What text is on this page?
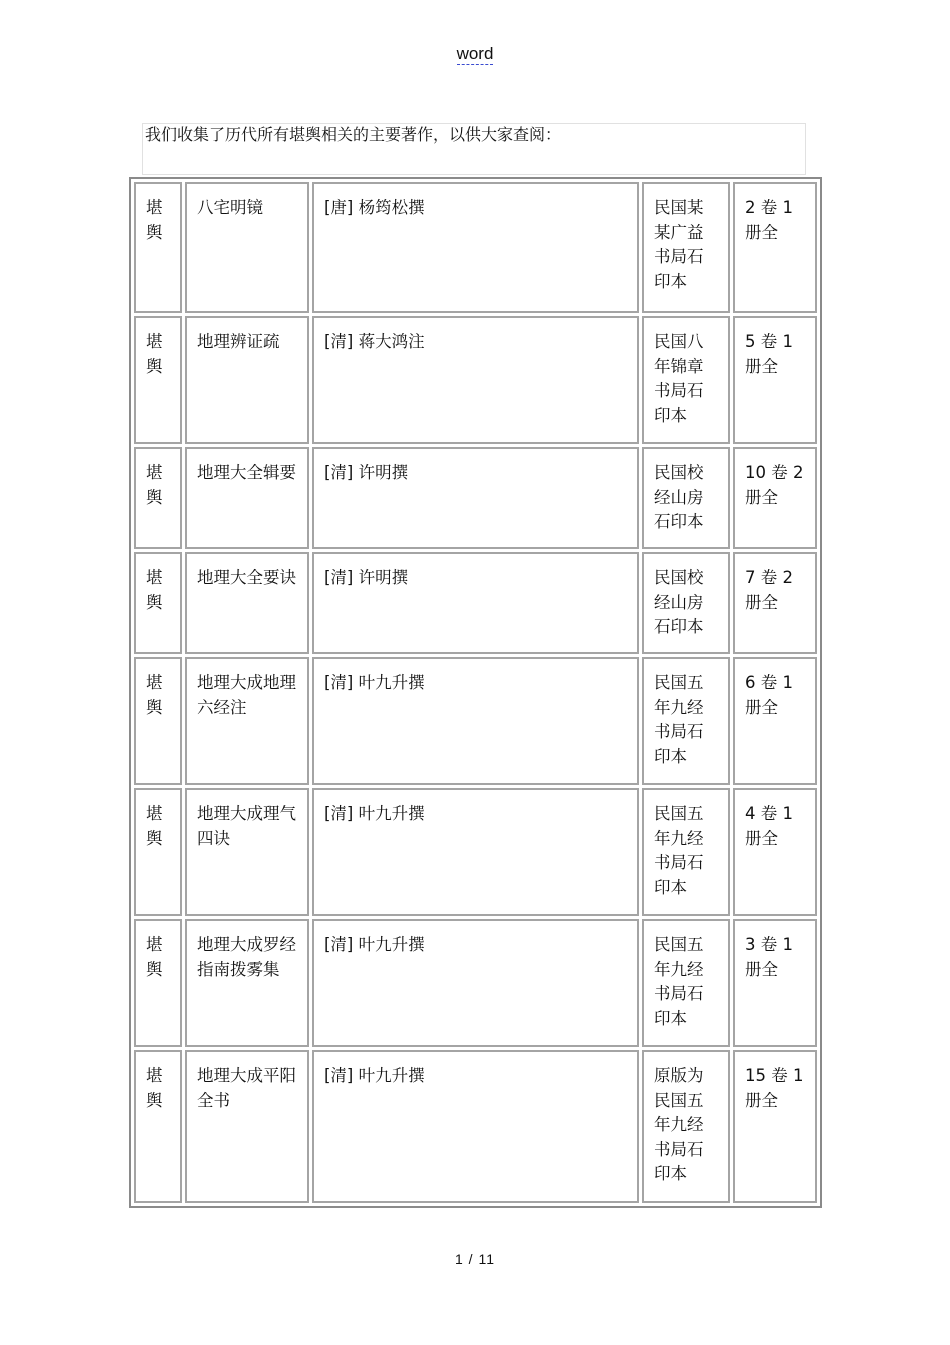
word
我们收集了历代所有堪舆相关的主要著作，以供大家查阅：
堪舆	八宅明镜	[唐] 杨筠松撰	民国某某广益书局石印本	2 卷 1 册全
堪舆	地理辨证疏	[清] 蒋大鸿注	民国八年锦章书局石印本	5 卷 1 册全
堪舆	地理大全辑要	[清] 许明撰	民国校经山房石印本	10 卷 2 册全
堪舆	地理大全要诀	[清] 许明撰	民国校经山房石印本	7 卷 2 册全
堪舆	地理大成地理六经注	[清] 叶九升撰	民国五年九经书局石印本	6 卷 1 册全
堪舆	地理大成理气四诀	[清] 叶九升撰	民国五年九经书局石印本	4 卷 1 册全
堪舆	地理大成罗经指南拨雾集	[清] 叶九升撰	民国五年九经书局石印本	3 卷 1 册全
堪舆	地理大成平阳全书	[清] 叶九升撰	原版为民国五年九经书局石印本	15 卷 1 册全
1 / 11
